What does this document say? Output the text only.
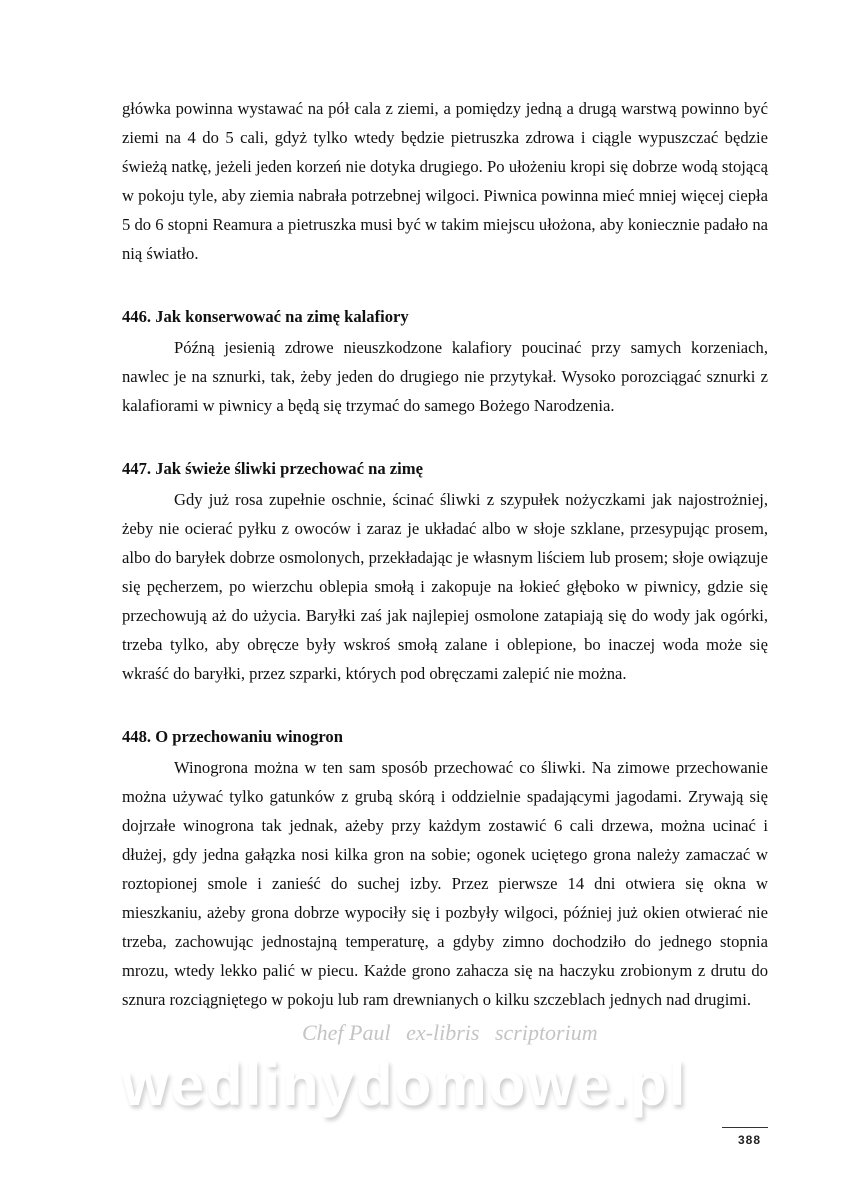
główka powinna wystawać na pół cala z ziemi, a pomiędzy jedną a drugą warstwą powinno być ziemi na 4 do 5 cali, gdyż tylko wtedy będzie pietruszka zdrowa i ciągle wypuszczać będzie świeżą natkę, jeżeli jeden korzeń nie dotyka drugiego. Po ułożeniu kropi się dobrze wodą stojącą w pokoju tyle, aby ziemia nabrała potrzebnej wilgoci. Piwnica powinna mieć mniej więcej ciepła 5 do 6 stopni Reamura a pietruszka musi być w takim miejscu ułożona, aby koniecznie padało na nią światło.
446. Jak konserwować na zimę kalafiory
Późną jesienią zdrowe nieuszkodzone kalafiory poucinać przy samych korzeniach, nawlec je na sznurki, tak, żeby jeden do drugiego nie przytykał. Wysoko porozciągać sznurki z kalafiorami w piwnicy a będą się trzymać do samego Bożego Narodzenia.
447. Jak świeże śliwki przechować na zimę
Gdy już rosa zupełnie oschnie, ścinać śliwki z szypułek nożyczkami jak najostrożniej, żeby nie ocierać pyłku z owoców i zaraz je układać albo w słoje szklane, przesypując prosem, albo do baryłek dobrze osmolonych, przekładając je własnym liściem lub prosem; słoje owiązuje się pęcherzem, po wierzchu oblepia smołą i zakopuje na łokieć głęboko w piwnicy, gdzie się przechowują aż do użycia. Baryłki zaś jak najlepiej osmolone zatapiają się do wody jak ogórki, trzeba tylko, aby obręcze były wskroś smołą zalane i oblepione, bo inaczej woda może się wkraść do baryłki, przez szparki, których pod obręczami zalepić nie można.
448. O przechowaniu winogron
Winogrona można w ten sam sposób przechować co śliwki. Na zimowe przechowanie można używać tylko gatunków z grubą skórą i oddzielnie spadającymi jagodami. Zrywają się dojrzałe winogrona tak jednak, ażeby przy każdym zostawić 6 cali drzewa, można ucinać i dłużej, gdy jedna gałązka nosi kilka gron na sobie; ogonek uciętego grona należy zamaczać w roztopionej smole i zanieść do suchej izby. Przez pierwsze 14 dni otwiera się okna w mieszkaniu, ażeby grona dobrze wypociły się i pozbyły wilgoci, później już okien otwierać nie trzeba, zachowując jednostajną temperaturę, a gdyby zimno dochodziło do jednego stopnia mrozu, wtedy lekko palić w piecu. Każde grono zahacza się na haczyku zrobionym z drutu do sznura rozciągniętego w pokoju lub ram drewnianych o kilku szczeblach jednych nad drugimi.
Chef Paul ex-libris scriptorium
wedlinydomowe.pl
388
